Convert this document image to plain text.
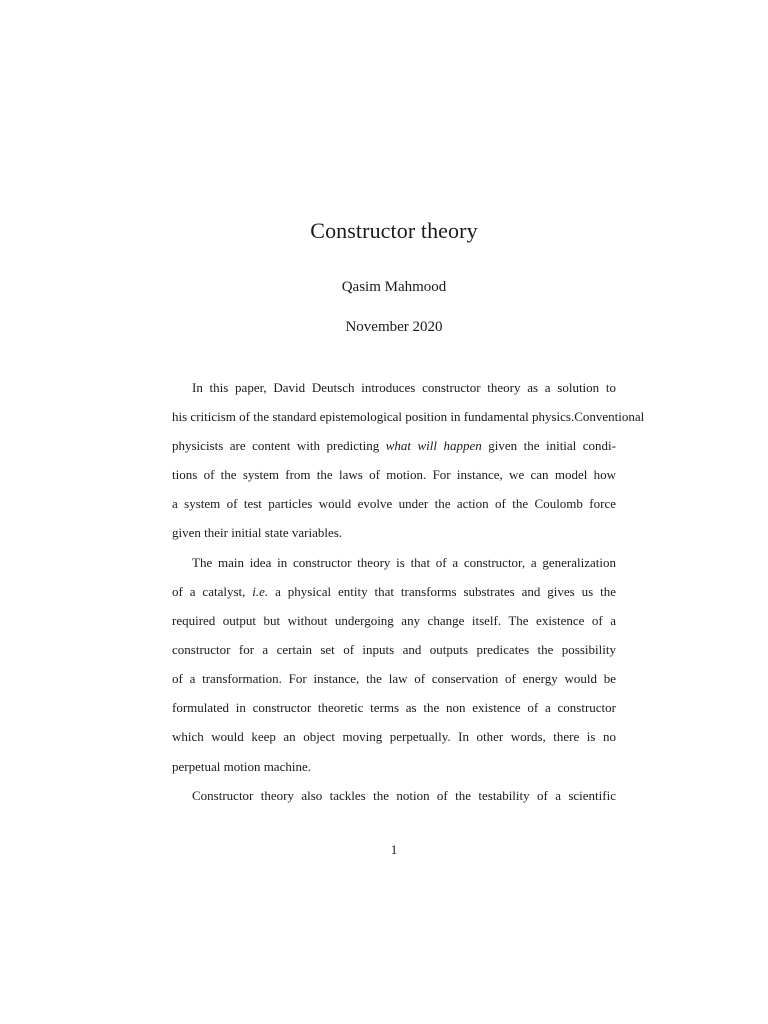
Constructor theory
Qasim Mahmood
November 2020
In this paper, David Deutsch introduces constructor theory as a solution to
his criticism of the standard epistemological position in fundamental physics.Conventional
physicists are content with predicting what will happen given the initial condi-
tions of the system from the laws of motion. For instance, we can model how
a system of test particles would evolve under the action of the Coulomb force
given their initial state variables.
The main idea in constructor theory is that of a constructor, a generalization
of a catalyst, i.e. a physical entity that transforms substrates and gives us the
required output but without undergoing any change itself. The existence of a
constructor for a certain set of inputs and outputs predicates the possibility
of a transformation. For instance, the law of conservation of energy would be
formulated in constructor theoretic terms as the non existence of a constructor
which would keep an object moving perpetually. In other words, there is no
perpetual motion machine.
Constructor theory also tackles the notion of the testability of a scientific
1
